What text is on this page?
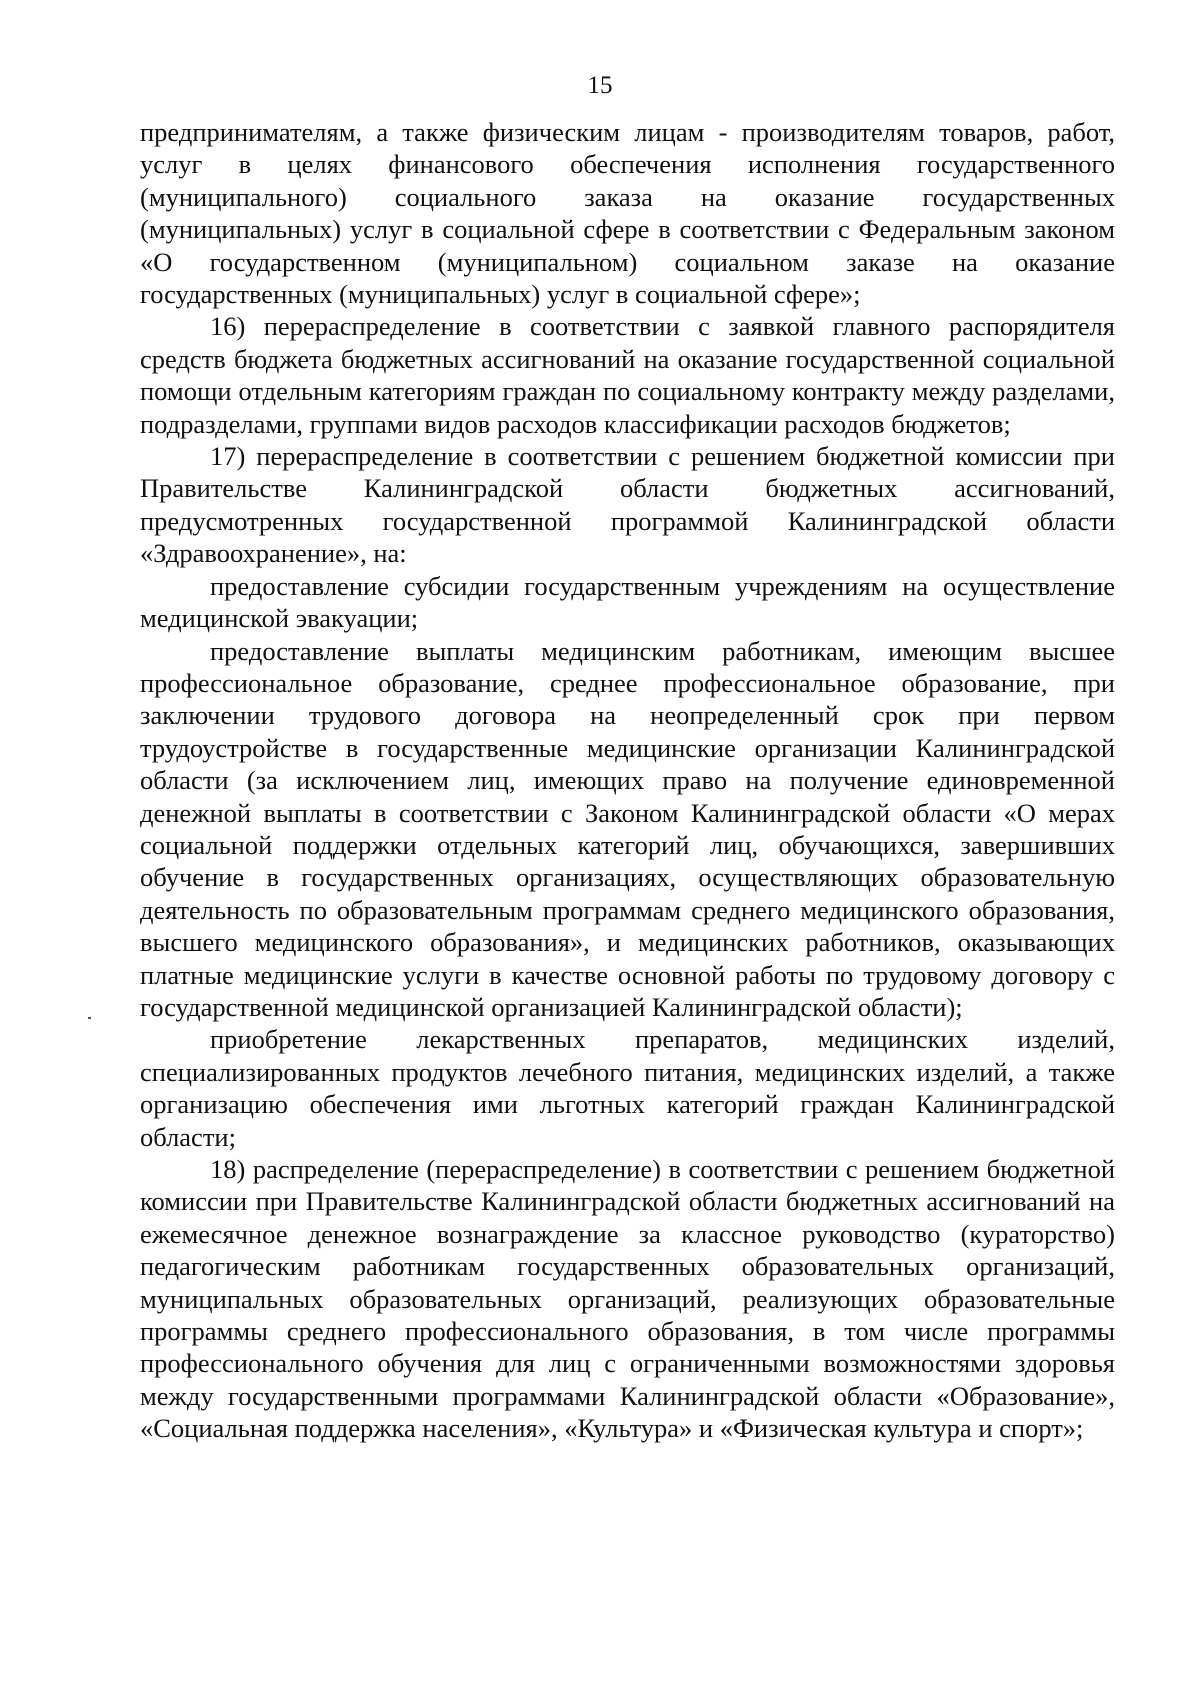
15

предпринимателям, а также физическим лицам - производителям товаров, работ, услуг в целях финансового обеспечения исполнения государственного (муниципального) социального заказа на оказание государственных (муниципальных) услуг в социальной сфере в соответствии с Федеральным законом «О государственном (муниципальном) социальном заказе на оказание государственных (муниципальных) услуг в социальной сфере»;

16) перераспределение в соответствии с заявкой главного распорядителя средств бюджета бюджетных ассигнований на оказание государственной социальной помощи отдельным категориям граждан по социальному контракту между разделами, подразделами, группами видов расходов классификации расходов бюджетов;

17) перераспределение в соответствии с решением бюджетной комиссии при Правительстве Калининградской области бюджетных ассигнований, предусмотренных государственной программой Калининградской области «Здравоохранение», на:

предоставление субсидии государственным учреждениям на осуществление медицинской эвакуации;

предоставление выплаты медицинским работникам, имеющим высшее профессиональное образование, среднее профессиональное образование, при заключении трудового договора на неопределенный срок при первом трудоустройстве в государственные медицинские организации Калининградской области (за исключением лиц, имеющих право на получение единовременной денежной выплаты в соответствии с Законом Калининградской области «О мерах социальной поддержки отдельных категорий лиц, обучающихся, завершивших обучение в государственных организациях, осуществляющих образовательную деятельность по образовательным программам среднего медицинского образования, высшего медицинского образования», и медицинских работников, оказывающих платные медицинские услуги в качестве основной работы по трудовому договору с государственной медицинской организацией Калининградской области);

приобретение лекарственных препаратов, медицинских изделий, специализированных продуктов лечебного питания, медицинских изделий, а также организацию обеспечения ими льготных категорий граждан Калининградской области;

18) распределение (перераспределение) в соответствии с решением бюджетной комиссии при Правительстве Калининградской области бюджетных ассигнований на ежемесячное денежное вознаграждение за классное руководство (кураторство) педагогическим работникам государственных образовательных организаций, муниципальных образовательных организаций, реализующих образовательные программы среднего профессионального образования, в том числе программы профессионального обучения для лиц с ограниченными возможностями здоровья между государственными программами Калининградской области «Образование», «Социальная поддержка населения», «Культура» и «Физическая культура и спорт»;
